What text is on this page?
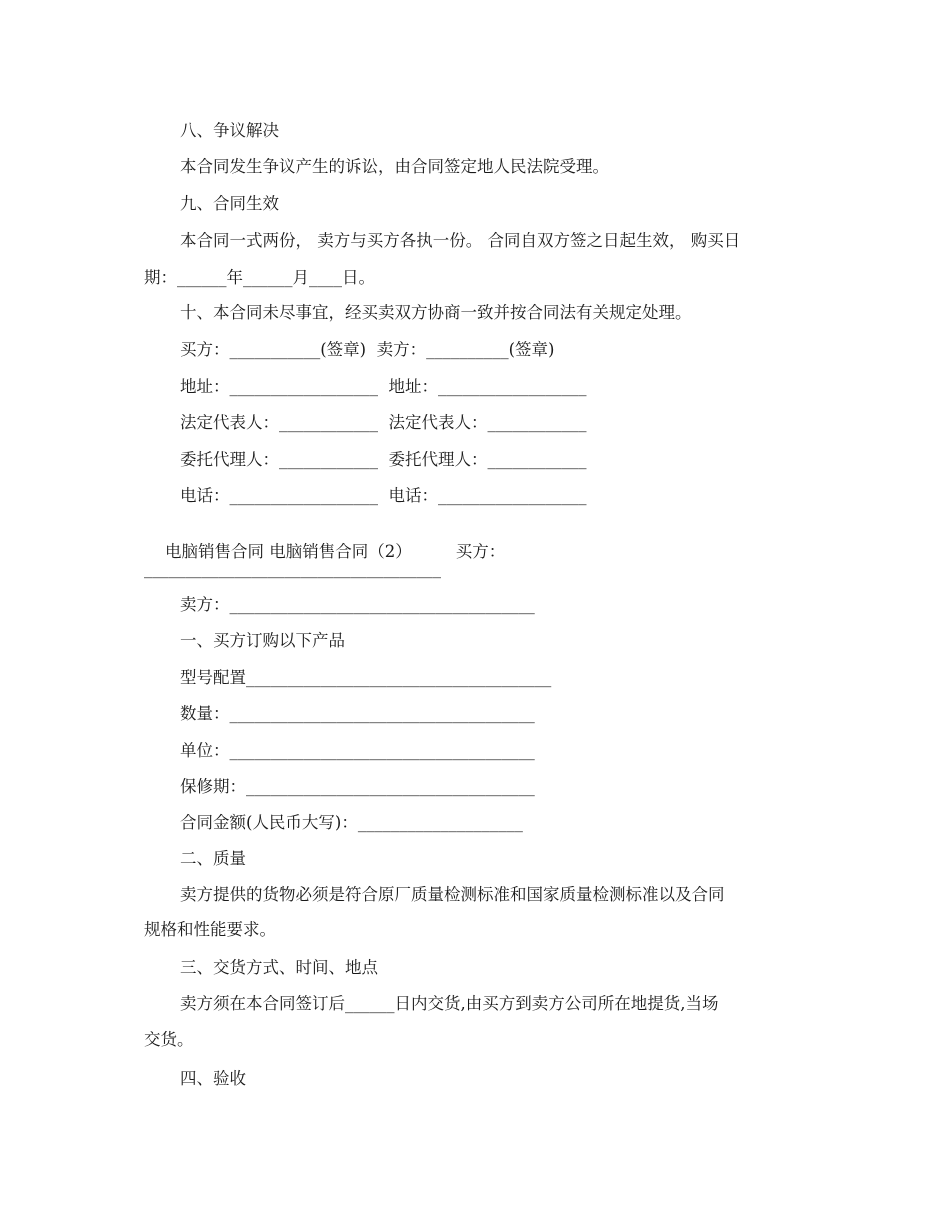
八、争议解决
本合同发生争议产生的诉讼，由合同签定地人民法院受理。
九、合同生效
本合同一式两份， 卖方与买方各执一份。 合同自双方签之日起生效， 购买日
期：______年______月____日。
十、本合同未尽事宜，经买卖双方协商一致并按合同法有关规定处理。
买方：___________(签章)  卖方：__________(签章)
地址：__________________  地址：__________________
法定代表人：____________  法定代表人：____________
委托代理人：____________  委托代理人：____________
电话：__________________  电话：__________________

电脑销售合同 电脑销售合同（2）	买方：

____________________________________
卖方：_____________________________________
一、买方订购以下产品
型号配置_____________________________________
数量：_____________________________________
单位：_____________________________________
保修期：___________________________________
合同金额(人民币大写)：____________________
二、质量
卖方提供的货物必须是符合原厂质量检测标准和国家质量检测标准以及合同
规格和性能要求。
三、交货方式、时间、地点
卖方须在本合同签订后______日内交货,由买方到卖方公司所在地提货,当场
交货。
四、验收
